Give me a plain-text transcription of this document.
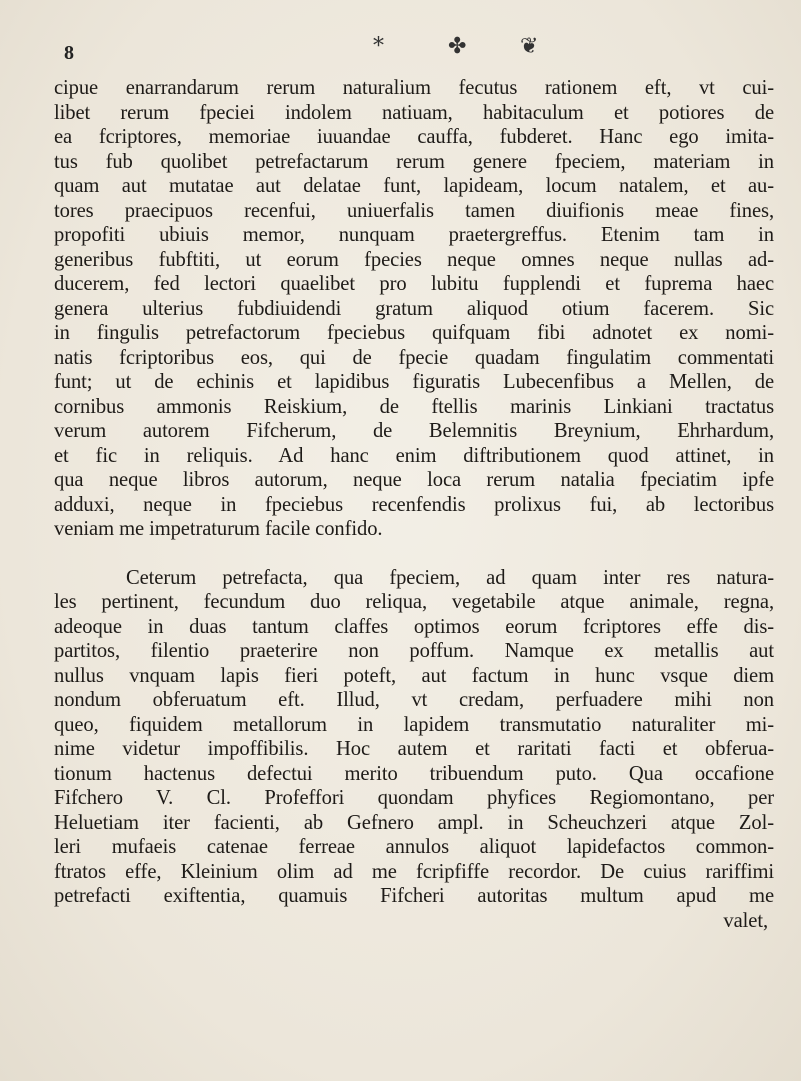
8	*	✤ ❦
cipue enarrandarum rerum naturalium fecutus rationem eft, vt cui-
libet rerum fpeciei indolem natiuam, habitaculum et potiores de
ea fcriptores, memoriae iuuandae cauffa, fubderet. Hanc ego imita-
tus fub quolibet petrefactarum rerum genere fpeciem, materiam in
quam aut mutatae aut delatae funt, lapideam, locum natalem, et au-
tores praecipuos recenfui, uniuerfalis tamen diuifionis meae fines,
propofiti ubiuis memor, nunquam praetergreffus. Etenim tam in
generibus fubftiti, ut eorum fpecies neque omnes neque nullas ad-
ducerem, fed lectori quaelibet pro lubitu fupplendi et fuprema haec
genera ulterius fubdiuidendi gratum aliquod otium facerem. Sic
in fingulis petrefactorum fpeciebus quifquam fibi adnotet ex nomi-
natis fcriptoribus eos, qui de fpecie quadam fingulatim commentati
funt; ut de echinis et lapidibus figuratis Lubecenfibus a Mellen, de
cornibus ammonis Reiskium, de ftellis marinis Linkiani tractatus
verum autorem Fifcherum, de Belemnitis Breynium, Ehrhardum,
et fic in reliquis. Ad hanc enim diftributionem quod attinet, in
qua neque libros autorum, neque loca rerum natalia fpeciatim ipfe
adduxi, neque in fpeciebus recenfendis prolixus fui, ab lectoribus
veniam me impetraturum facile confido.
Ceterum petrefacta, qua fpeciem, ad quam inter res natura-
les pertinent, fecundum duo reliqua, vegetabile atque animale, regna,
adeoque in duas tantum claffes optimos eorum fcriptores effe dis-
partitos, filentio praeterire non poffum. Namque ex metallis aut
nullus vnquam lapis fieri poteft, aut factum in hunc vsque diem
nondum obferuatum eft. Illud, vt credam, perfuadere mihi non
queo, fiquidem metallorum in lapidem transmutatio naturaliter mi-
nime videtur impoffibilis. Hoc autem et raritati facti et obferua-
tionum hactenus defectui merito tribuendum puto. Qua occafione
Fifchero V. Cl. Profeffori quondam phyfices Regiomontano, per
Heluetiam iter facienti, ab Gefnero ampl. in Scheuchzeri atque Zol-
leri mufaeis catenae ferreae annulos aliquot lapidefactos common-
ftratos effe, Kleinium olim ad me fcripfiffe recordor. De cuius rariffimi
petrefacti exiftentia, quamuis Fifcheri autoritas multum apud me
valet,
